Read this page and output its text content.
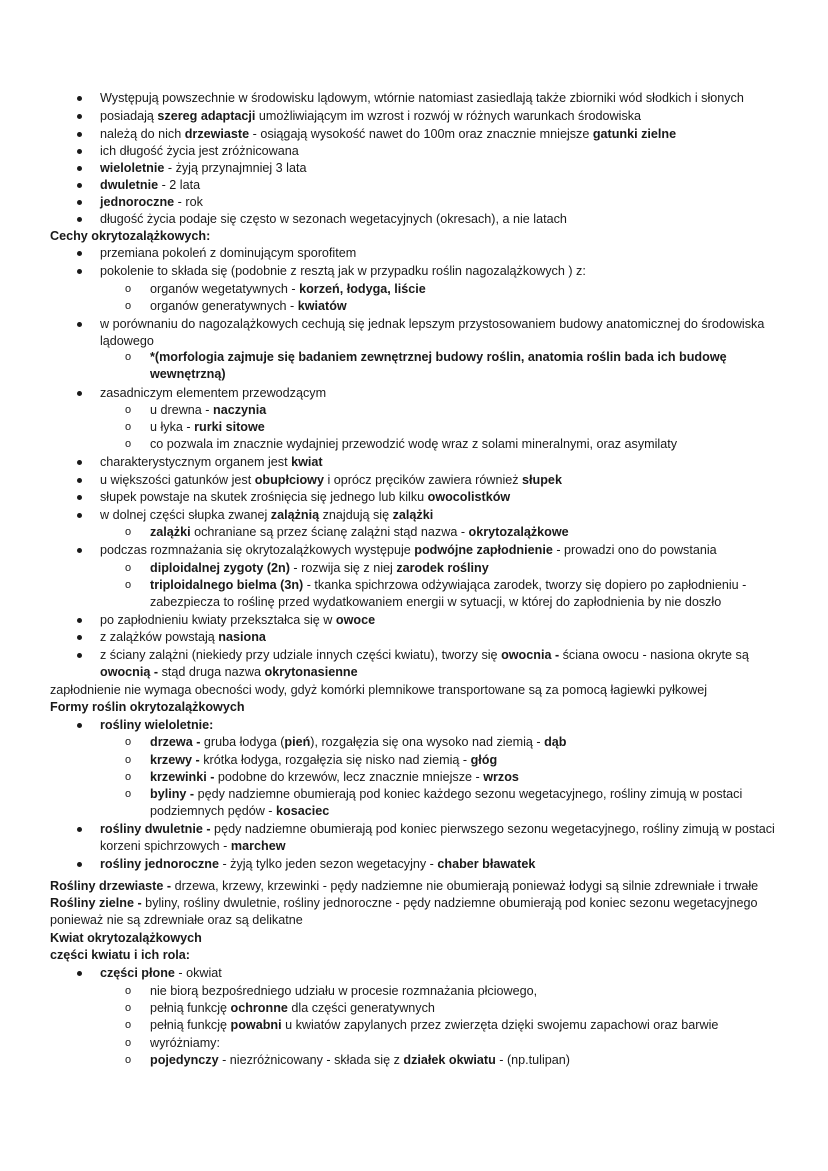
Występują powszechnie w środowisku lądowym, wtórnie natomiast zasiedlają także zbiorniki wód słodkich i słonych
posiadają szereg adaptacji umożliwiającym im wzrost i rozwój w różnych warunkach środowiska
należą do nich drzewiaste - osiągają wysokość nawet do 100m oraz znacznie mniejsze gatunki zielne
ich długość życia jest zróżnicowana
wieloletnie - żyją przynajmniej 3 lata
dwuletnie - 2 lata
jednoroczne - rok
długość życia podaje się często w sezonach wegetacyjnych (okresach), a nie latach
Cechy okrytozalążkowych:
przemiana pokoleń z dominującym sporofitem
pokolenie to składa się (podobnie z resztą jak w przypadku roślin nagozalążkowych ) z:
o organów wegetatywnych - korzeń, łodyga, liście
o organów generatywnych - kwiatów
w porównaniu do nagozalążkowych cechują się jednak lepszym przystosowaniem budowy anatomicznej do środowiska lądowego
o *(morfologia zajmuje się badaniem zewnętrznej budowy roślin, anatomia roślin bada ich budowę wewnętrzną)
zasadniczym elementem przewodzącym
o u drewna - naczynia
o u łyka - rurki sitowe
o co pozwala im znacznie wydajniej przewodzić wodę wraz z solami mineralnymi, oraz asymilaty
charakterystycznym organem jest kwiat
u większości gatunków jest obupłciowy i oprócz pręcików zawiera również słupek
słupek powstaje na skutek zrośnięcia się jednego lub kilku owocolistków
w dolnej części słupka zwanej zalążnią znajdują się zalążki
o zalążki ochraniane są przez ścianę zalążni stąd nazwa - okrytozalążkowe
podczas rozmnażania się okrytozalążkowych występuje podwójne zapłodnienie - prowadzi ono do powstania
o diploidalnej zygoty (2n) - rozwija się z niej zarodek rośliny
o triploidalnego bielma (3n) - tkanka spichrzowa odżywiająca zarodek, tworzy się dopiero po zapłodnieniu - zabezpiecza to roślinę przed wydatkowaniem energii w sytuacji, w której do zapłodnienia by nie doszło
po zapłodnieniu kwiaty przekształca się w owoce
z zalążków powstają nasiona
z ściany zalążni (niekiedy przy udziale innych części kwiatu), tworzy się owocnia - ściana owocu - nasiona okryte są owocnią - stąd druga nazwa okrytonasienne
zapłodnienie nie wymaga obecności wody, gdyż komórki plemnikowe transportowane są za pomocą łagiewki pyłkowej
Formy roślin okrytozalążkowych
rośliny wieloletnie:
o drzewa - gruba łodyga (pień), rozgałęzia się ona wysoko nad ziemią - dąb
o krzewy - krótka łodyga, rozgałęzia się nisko nad ziemią - głóg
o krzewinki - podobne do krzewów, lecz znacznie mniejsze - wrzos
o byliny - pędy nadziemne obumierają pod koniec każdego sezonu wegetacyjnego, rośliny zimują w postaci podziemnych pędów - kosaciec
rośliny dwuletnie - pędy nadziemne obumierają pod koniec pierwszego sezonu wegetacyjnego, rośliny zimują w postaci korzeni spichrzowych - marchew
rośliny jednoroczne - żyją tylko jeden sezon wegetacyjny - chaber bławatek
Rośliny drzewiaste - drzewa, krzewy, krzewinki - pędy nadziemne nie obumierają ponieważ łodygi są silnie zdrewniałe i trwałe
Rośliny zielne - byliny, rośliny dwuletnie, rośliny jednoroczne - pędy nadziemne obumierają pod koniec sezonu wegetacyjnego ponieważ nie są zdrewniałe oraz są delikatne
Kwiat okrytozalążkowych
części kwiatu i ich rola:
części płone - okwiat
o nie biorą bezpośredniego udziału w procesie rozmnażania płciowego,
o pełnią funkcję ochronne dla części generatywnych
o pełnią funkcję powabni u kwiatów zapylanych przez zwierzęta dzięki swojemu zapachowi oraz barwie
o wyróżniamy:
o pojedynczy - niezróżnicowany - składa się z działek okwiatu - (np.tulipan)
